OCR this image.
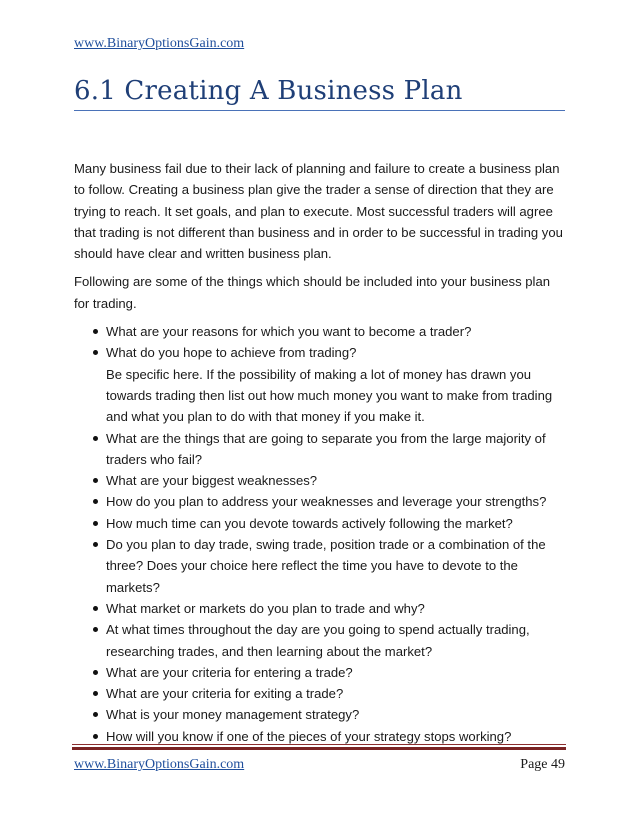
www.BinaryOptionsGain.com
6.1 Creating A Business Plan

Many business fail due to their lack of planning and failure to create a business plan to follow. Creating a business plan give the trader a sense of direction that they are trying to reach. It set goals, and plan to execute. Most successful traders will agree that trading is not different than business and in order to be successful in trading you should have clear and written business plan.

Following are some of the things which should be included into your business plan for trading.

What are your reasons for which you want to become a trader?
What do you hope to achieve from trading?
Be specific here. If the possibility of making a lot of money has drawn you towards trading then list out how much money you want to make from trading and what you plan to do with that money if you make it.
What are the things that are going to separate you from the large majority of traders who fail?
What are your biggest weaknesses?
How do you plan to address your weaknesses and leverage your strengths?
How much time can you devote towards actively following the market?
Do you plan to day trade, swing trade, position trade or a combination of the three? Does your choice here reflect the time you have to devote to the markets?
What market or markets do you plan to trade and why?
At what times throughout the day are you going to spend actually trading, researching trades, and then learning about the market?
What are your criteria for entering a trade?
What are your criteria for exiting a trade?
What is your money management strategy?
How will you know if one of the pieces of your strategy stops working?
www.BinaryOptionsGain.com	Page 49
